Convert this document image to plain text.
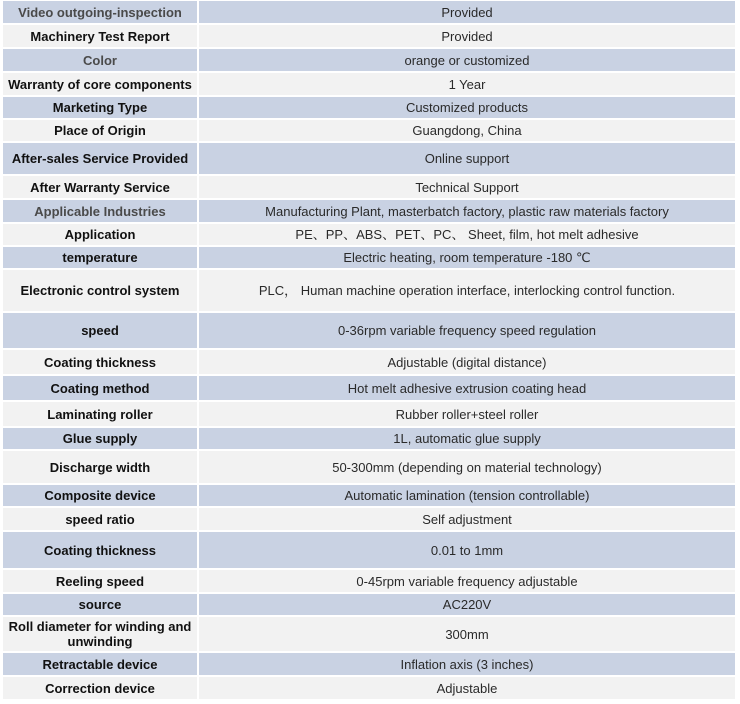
Video outgoing-inspection	Provided
Machinery Test Report	Provided
Color	orange or customized
Warranty of core components	1 Year
Marketing Type	Customized products
Place of Origin	Guangdong, China
After-sales Service Provided	Online support
After Warranty Service	Technical Support
Applicable Industries	Manufacturing Plant, masterbatch factory, plastic raw materials factory
Application	PE、PP、ABS、PET、PC、 Sheet, film, hot melt adhesive
temperature	Electric heating, room temperature -180 ℃
Electronic control system	PLC， Human machine operation interface, interlocking control function.
speed	0-36rpm variable frequency speed regulation
Coating thickness	Adjustable (digital distance)
Coating method	Hot melt adhesive extrusion coating head
Laminating roller	Rubber roller+steel roller
Glue supply	1L, automatic glue supply
Discharge width	50-300mm (depending on material technology)
Composite device	Automatic lamination (tension controllable)
speed ratio	Self adjustment
Coating thickness	0.01 to 1mm
Reeling speed	0-45rpm variable frequency adjustable
source	AC220V
Roll diameter for winding and unwinding	300mm
Retractable device	Inflation axis (3 inches)
Correction device	Adjustable
